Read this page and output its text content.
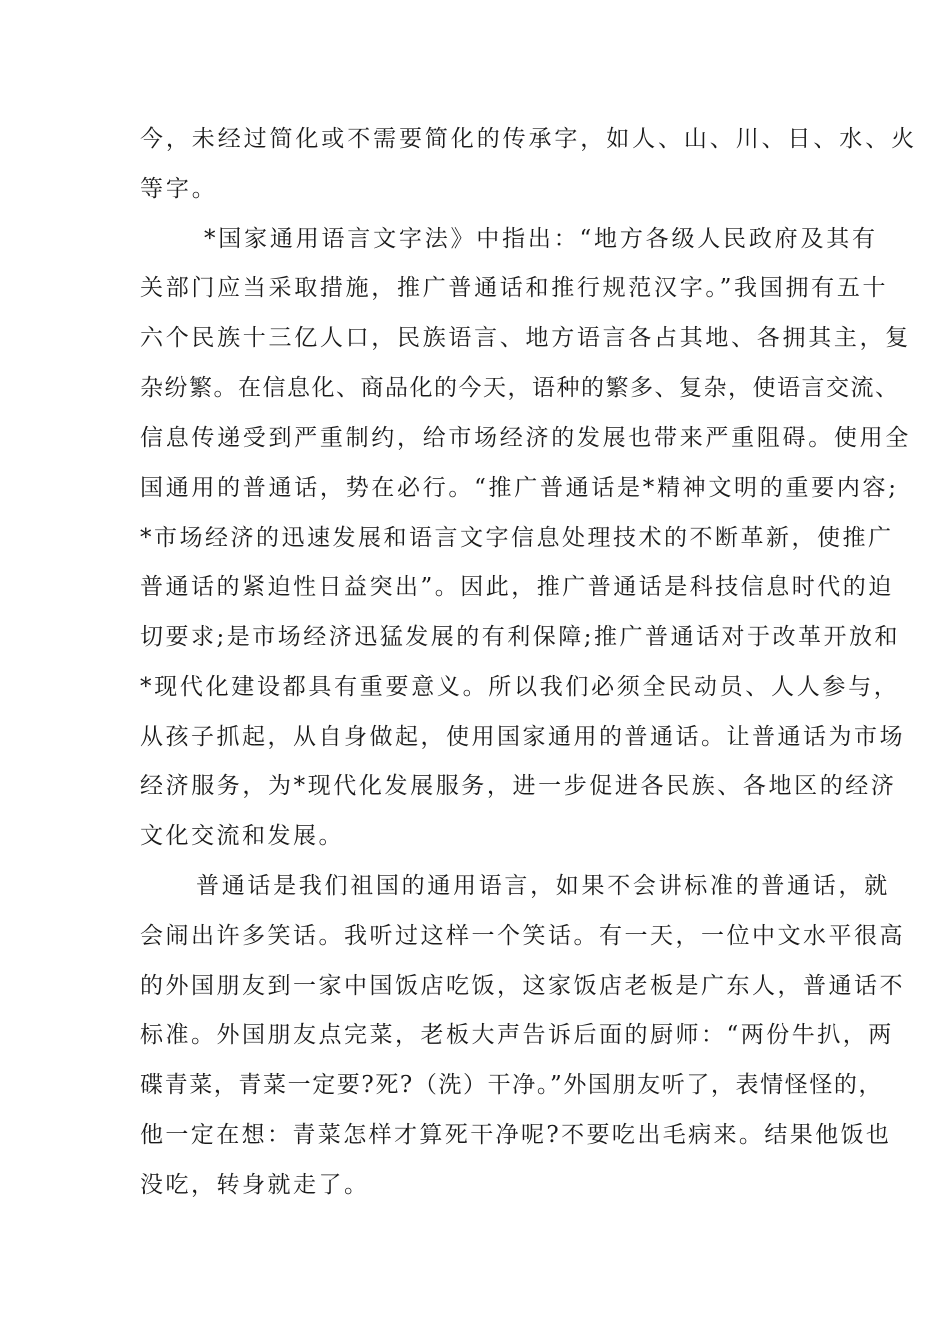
今，未经过简化或不需要简化的传承字，如人、山、川、日、水、火
等字。
*国家通用语言文字法》中指出：“地方各级人民政府及其有
关部门应当采取措施，推广普通话和推行规范汉字。”我国拥有五十
六个民族十三亿人口，民族语言、地方语言各占其地、各拥其主，复
杂纷繁。在信息化、商品化的今天，语种的繁多、复杂，使语言交流、
信息传递受到严重制约，给市场经济的发展也带来严重阻碍。使用全
国通用的普通话，势在必行。“推广普通话是*精神文明的重要内容;
*市场经济的迅速发展和语言文字信息处理技术的不断革新，使推广
普通话的紧迫性日益突出”。因此，推广普通话是科技信息时代的迫
切要求;是市场经济迅猛发展的有利保障;推广普通话对于改革开放和
*现代化建设都具有重要意义。所以我们必须全民动员、人人参与，
从孩子抓起，从自身做起，使用国家通用的普通话。让普通话为市场
经济服务，为*现代化发展服务，进一步促进各民族、各地区的经济
文化交流和发展。
普通话是我们祖国的通用语言，如果不会讲标准的普通话，就
会闹出许多笑话。我听过这样一个笑话。有一天，一位中文水平很高
的外国朋友到一家中国饭店吃饭，这家饭店老板是广东人，普通话不
标准。外国朋友点完菜，老板大声告诉后面的厨师：“两份牛扒，两
碟青菜，青菜一定要?死?（洗）干净。”外国朋友听了，表情怪怪的，
他一定在想：青菜怎样才算死干净呢?不要吃出毛病来。结果他饭也
没吃，转身就走了。
